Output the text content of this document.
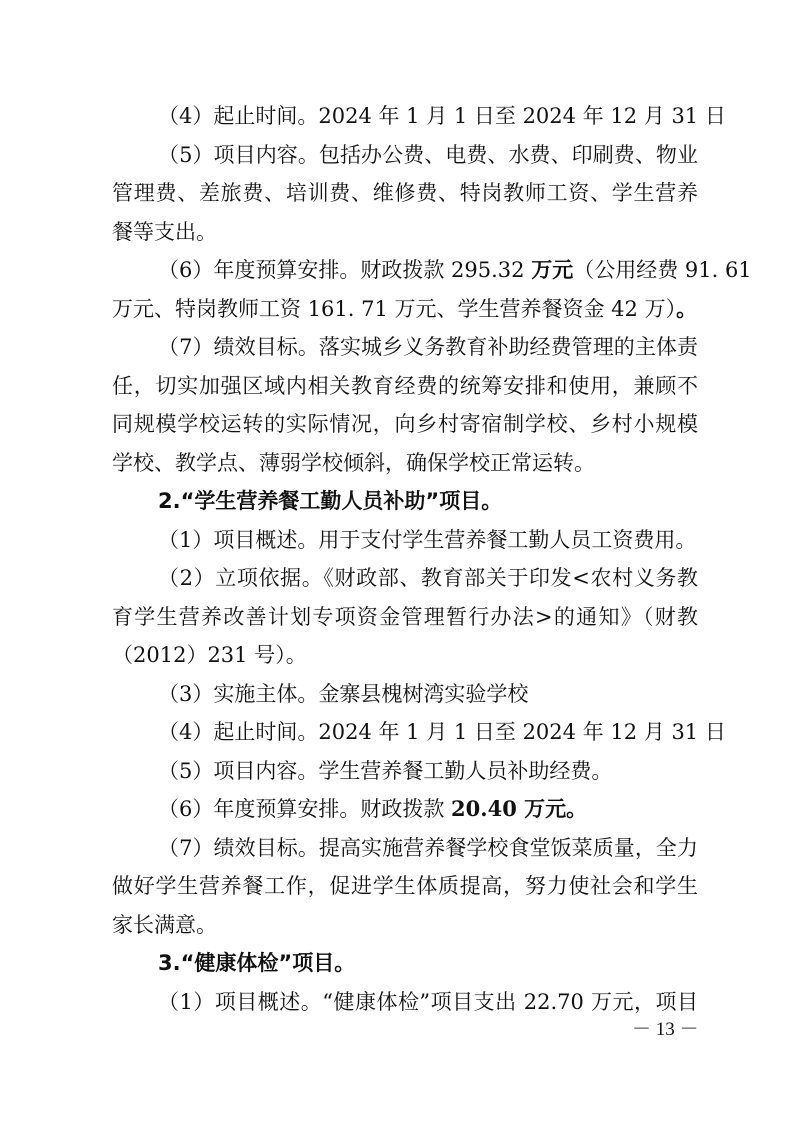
（4）起止时间。2024 年 1 月 1 日至 2024 年 12 月 31 日
（5）项目内容。包括办公费、电费、水费、印刷费、物业
管理费、差旅费、培训费、维修费、特岗教师工资、学生营养
餐等支出。
（6）年度预算安排。财政拨款 295.32 万元（公用经费 91. 61
万元、特岗教师工资 161. 71 万元、学生营养餐资金 42 万）。
（7）绩效目标。落实城乡义务教育补助经费管理的主体责
任，切实加强区域内相关教育经费的统筹安排和使用，兼顾不
同规模学校运转的实际情况，向乡村寄宿制学校、乡村小规模
学校、教学点、薄弱学校倾斜，确保学校正常运转。
2.“学生营养餐工勤人员补助”项目。
（1）项目概述。用于支付学生营养餐工勤人员工资费用。
（2）立项依据。《财政部、教育部关于印发<农村义务教
育学生营养改善计划专项资金管理暂行办法>的通知》（财教
（2012）231 号）。
（3）实施主体。金寨县槐树湾实验学校
（4）起止时间。2024 年 1 月 1 日至 2024 年 12 月 31 日
（5）项目内容。学生营养餐工勤人员补助经费。
（6）年度预算安排。财政拨款 20.40 万元。
（7）绩效目标。提高实施营养餐学校食堂饭菜质量，全力
做好学生营养餐工作，促进学生体质提高，努力使社会和学生
家长满意。
3.“健康体检”项目。
（1）项目概述。“健康体检”项目支出 22.70 万元，项目
－ 13 －
